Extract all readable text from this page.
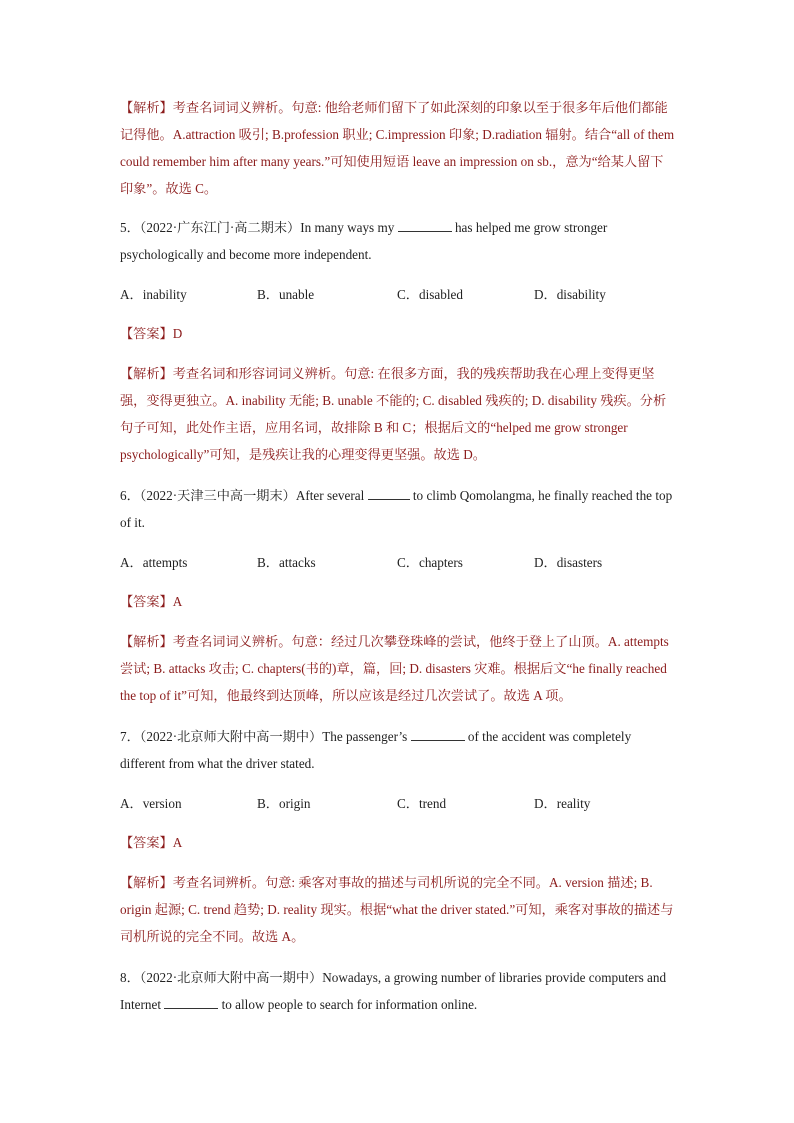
【解析】考查名词词义辨析。句意: 他给老师们留下了如此深刻的印象以至于很多年后他们都能记得他。A.attraction 吸引; B.profession 职业; C.impression 印象; D.radiation 辐射。结合“all of them could remember him after many years.”可知使用短语 leave an impression on sb.，意为“给某人留下印象”。故选 C。

5．（2022·广东江门·高二期末）In many ways my	has helped me grow stronger psychologically and become more independent.

A．inability	B．unable	C．disabled	D．disability

【答案】D

【解析】考查名词和形容词词义辨析。句意: 在很多方面，我的残疾帮助我在心理上变得更坚强，变得更独立。A. inability 无能; B. unable 不能的; C. disabled 残疾的; D. disability 残疾。分析句子可知，此处作主语，应用名词，故排除 B 和 C；根据后文的“helped me grow stronger psychologically”可知，是残疾让我的心理变得更坚强。故选 D。

6．（2022·天津三中高一期末）After several	to climb Qomolangma, he finally reached the top of it.

A．attempts	B．attacks	C．chapters	D．disasters

【答案】A

【解析】考查名词词义辨析。句意：经过几次攀登珠峰的尝试，他终于登上了山顶。A. attempts 尝试; B. attacks 攻击; C. chapters(书的)章，篇，回; D. disasters 灾难。根据后文“he finally reached the top of it”可知，他最终到达顶峰，所以应该是经过几次尝试了。故选 A 项。

7．（2022·北京师大附中高一期中）The passenger’s	of the accident was completely different from what the driver stated.

A．version	B．origin	C．trend	D．reality

【答案】A

【解析】考查名词辨析。句意: 乘客对事故的描述与司机所说的完全不同。A. version 描述; B. origin 起源; C. trend 趋势; D. reality 现实。根据“what the driver stated.”可知，乘客对事故的描述与司机所说的完全不同。故选 A。

8．（2022·北京师大附中高一期中）Nowadays, a growing number of libraries provide computers and Internet	to allow people to search for information online.
